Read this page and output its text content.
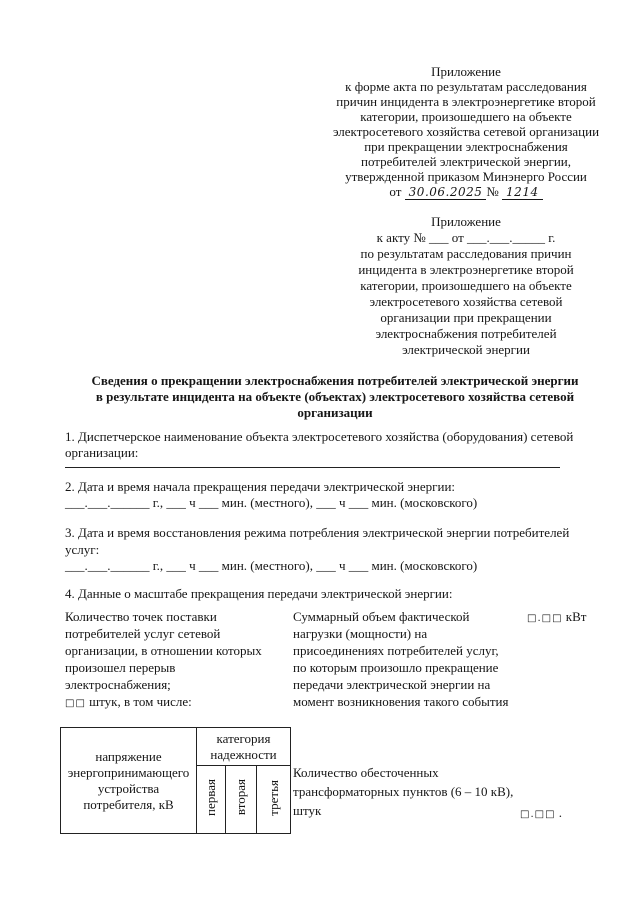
Приложение
к форме акта по результатам расследования
причин инцидента в электроэнергетике второй
категории, произошедшего на объекте
электросетевого хозяйства сетевой организации
при прекращении электроснабжения
потребителей электрической энергии,
утвержденной приказом Минэнерго России
от 30.06.2025 № 1214
Приложение
к акту № ___ от ___.___._____ г.
по результатам расследования причин
инцидента в электроэнергетике второй
категории, произошедшего на объекте
электросетевого хозяйства сетевой
организации при прекращении
электроснабжения потребителей
электрической энергии
Сведения о прекращении электроснабжения потребителей электрической энергии
в результате инцидента на объекте (объектах) электросетевого хозяйства сетевой
организации
1. Диспетчерское наименование объекта электросетевого хозяйства (оборудования) сетевой
организации:
2. Дата и время начала прекращения передачи электрической энергии:
___.___.______ г., ___ ч ___ мин. (местного), ___ ч ___ мин. (московского)
3. Дата и время восстановления режима потребления электрической энергии потребителей
услуг:
___.___.______ г., ___ ч ___ мин. (местного), ___ ч ___ мин. (московского)
4. Данные о масштабе прекращения передачи электрической энергии:
Количество точек поставки
потребителей услуг сетевой
организации, в отношении которых
произошел перерыв
электроснабжения;
□□ штук, в том числе:
Суммарный объем фактической
нагрузки (мощности) на
присоединениях потребителей услуг,
по которым произошло прекращение
передачи электрической энергии на
момент возникновения такого события
□.□□ кВт
напряжение
энергопринимающего
устройства
потребителя, кВ	категория надежности		
	первая	вторая	третья
Количество обесточенных
трансформаторных пунктов (6 – 10 кВ),
штук	□.□□ .
